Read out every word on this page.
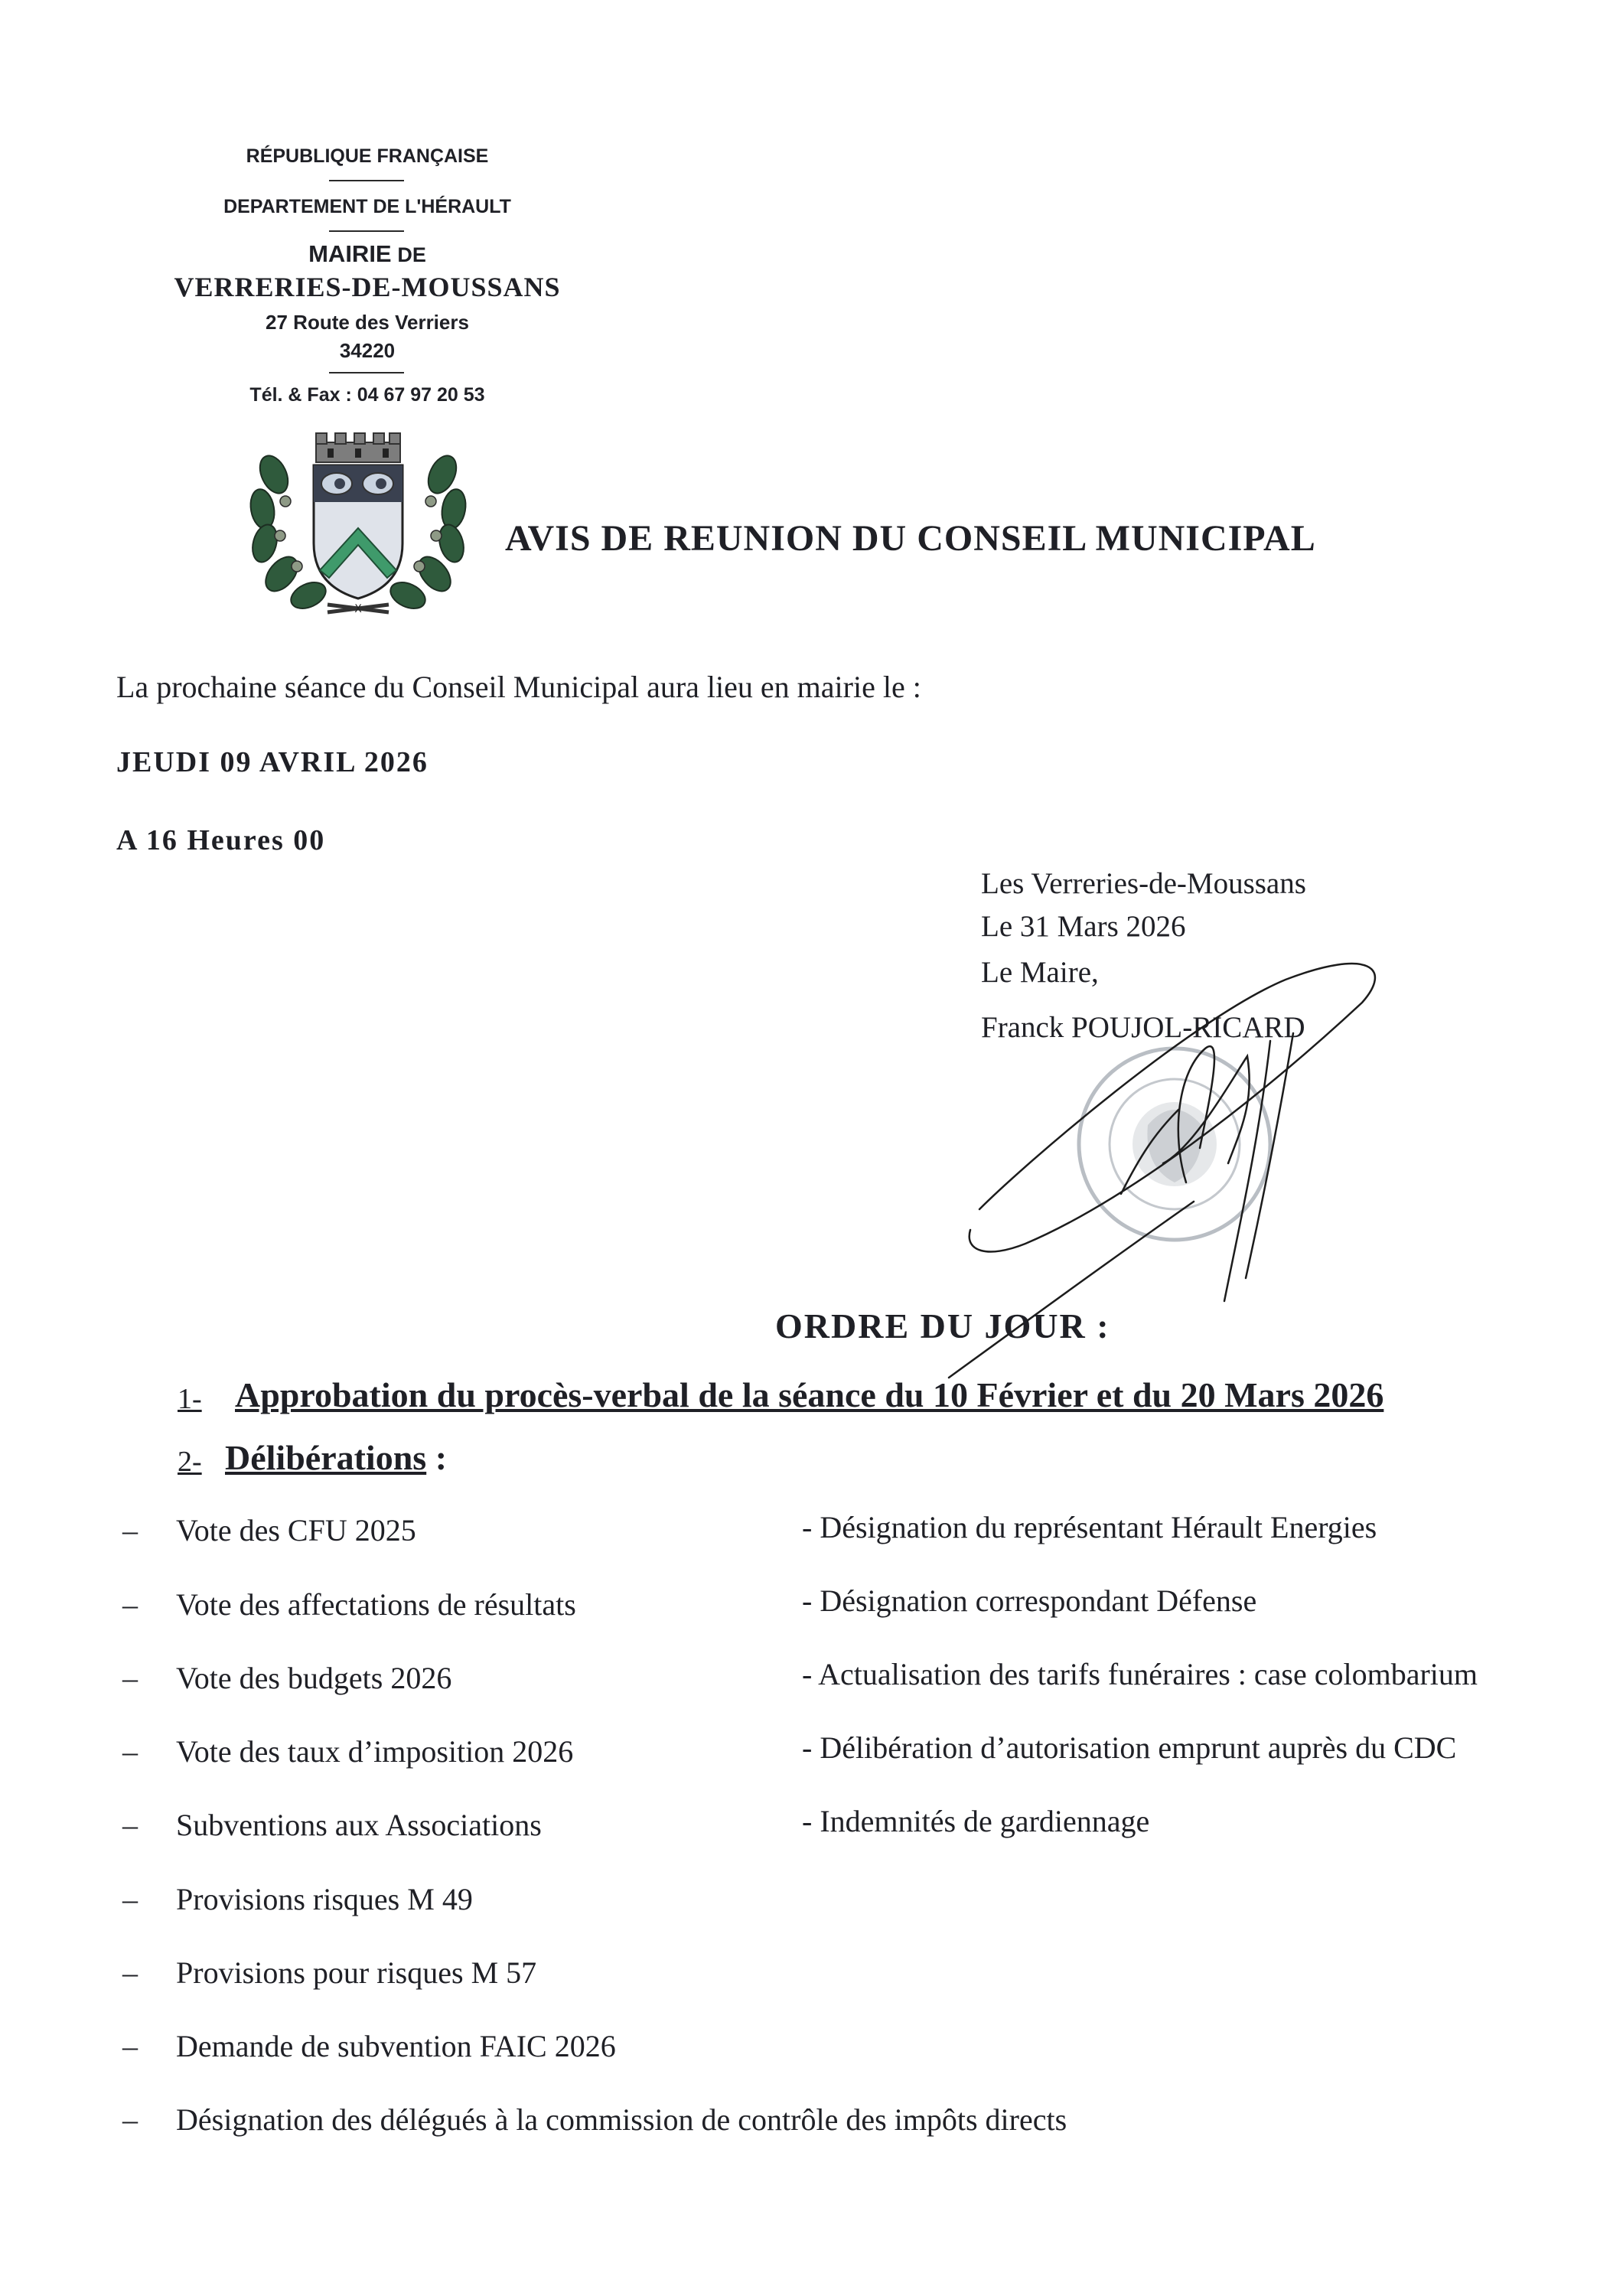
RÉPUBLIQUE FRANÇAISE
DEPARTEMENT DE L'HÉRAULT
MAIRIE DE
VERRERIES-DE-MOUSSANS
27 Route des Verriers
34220
Tél. & Fax : 04 67 97 20 53
X
AVIS DE REUNION DU CONSEIL MUNICIPAL
La prochaine séance du Conseil Municipal aura lieu en mairie le :
JEUDI 09 AVRIL 2026
A 16 Heures 00
Les Verreries-de-Moussans
Le 31 Mars 2026
Le Maire,
Franck POUJOL-RICARD
ORDRE DU JOUR :
1- Approbation du procès-verbal de la séance du 10 Février et du 20 Mars 2026
2- Délibérations :
– Vote des CFU 2025
– Vote des affectations de résultats
– Vote des budgets 2026
– Vote des taux d’imposition 2026
– Subventions aux Associations
– Provisions risques M 49
– Provisions pour risques M 57
– Demande de subvention FAIC 2026
– Désignation des délégués à la commission de contrôle des impôts directs
- Désignation du représentant Hérault Energies
- Désignation correspondant Défense
- Actualisation des tarifs funéraires : case colombarium
- Délibération d’autorisation emprunt auprès du CDC
- Indemnités de gardiennage
